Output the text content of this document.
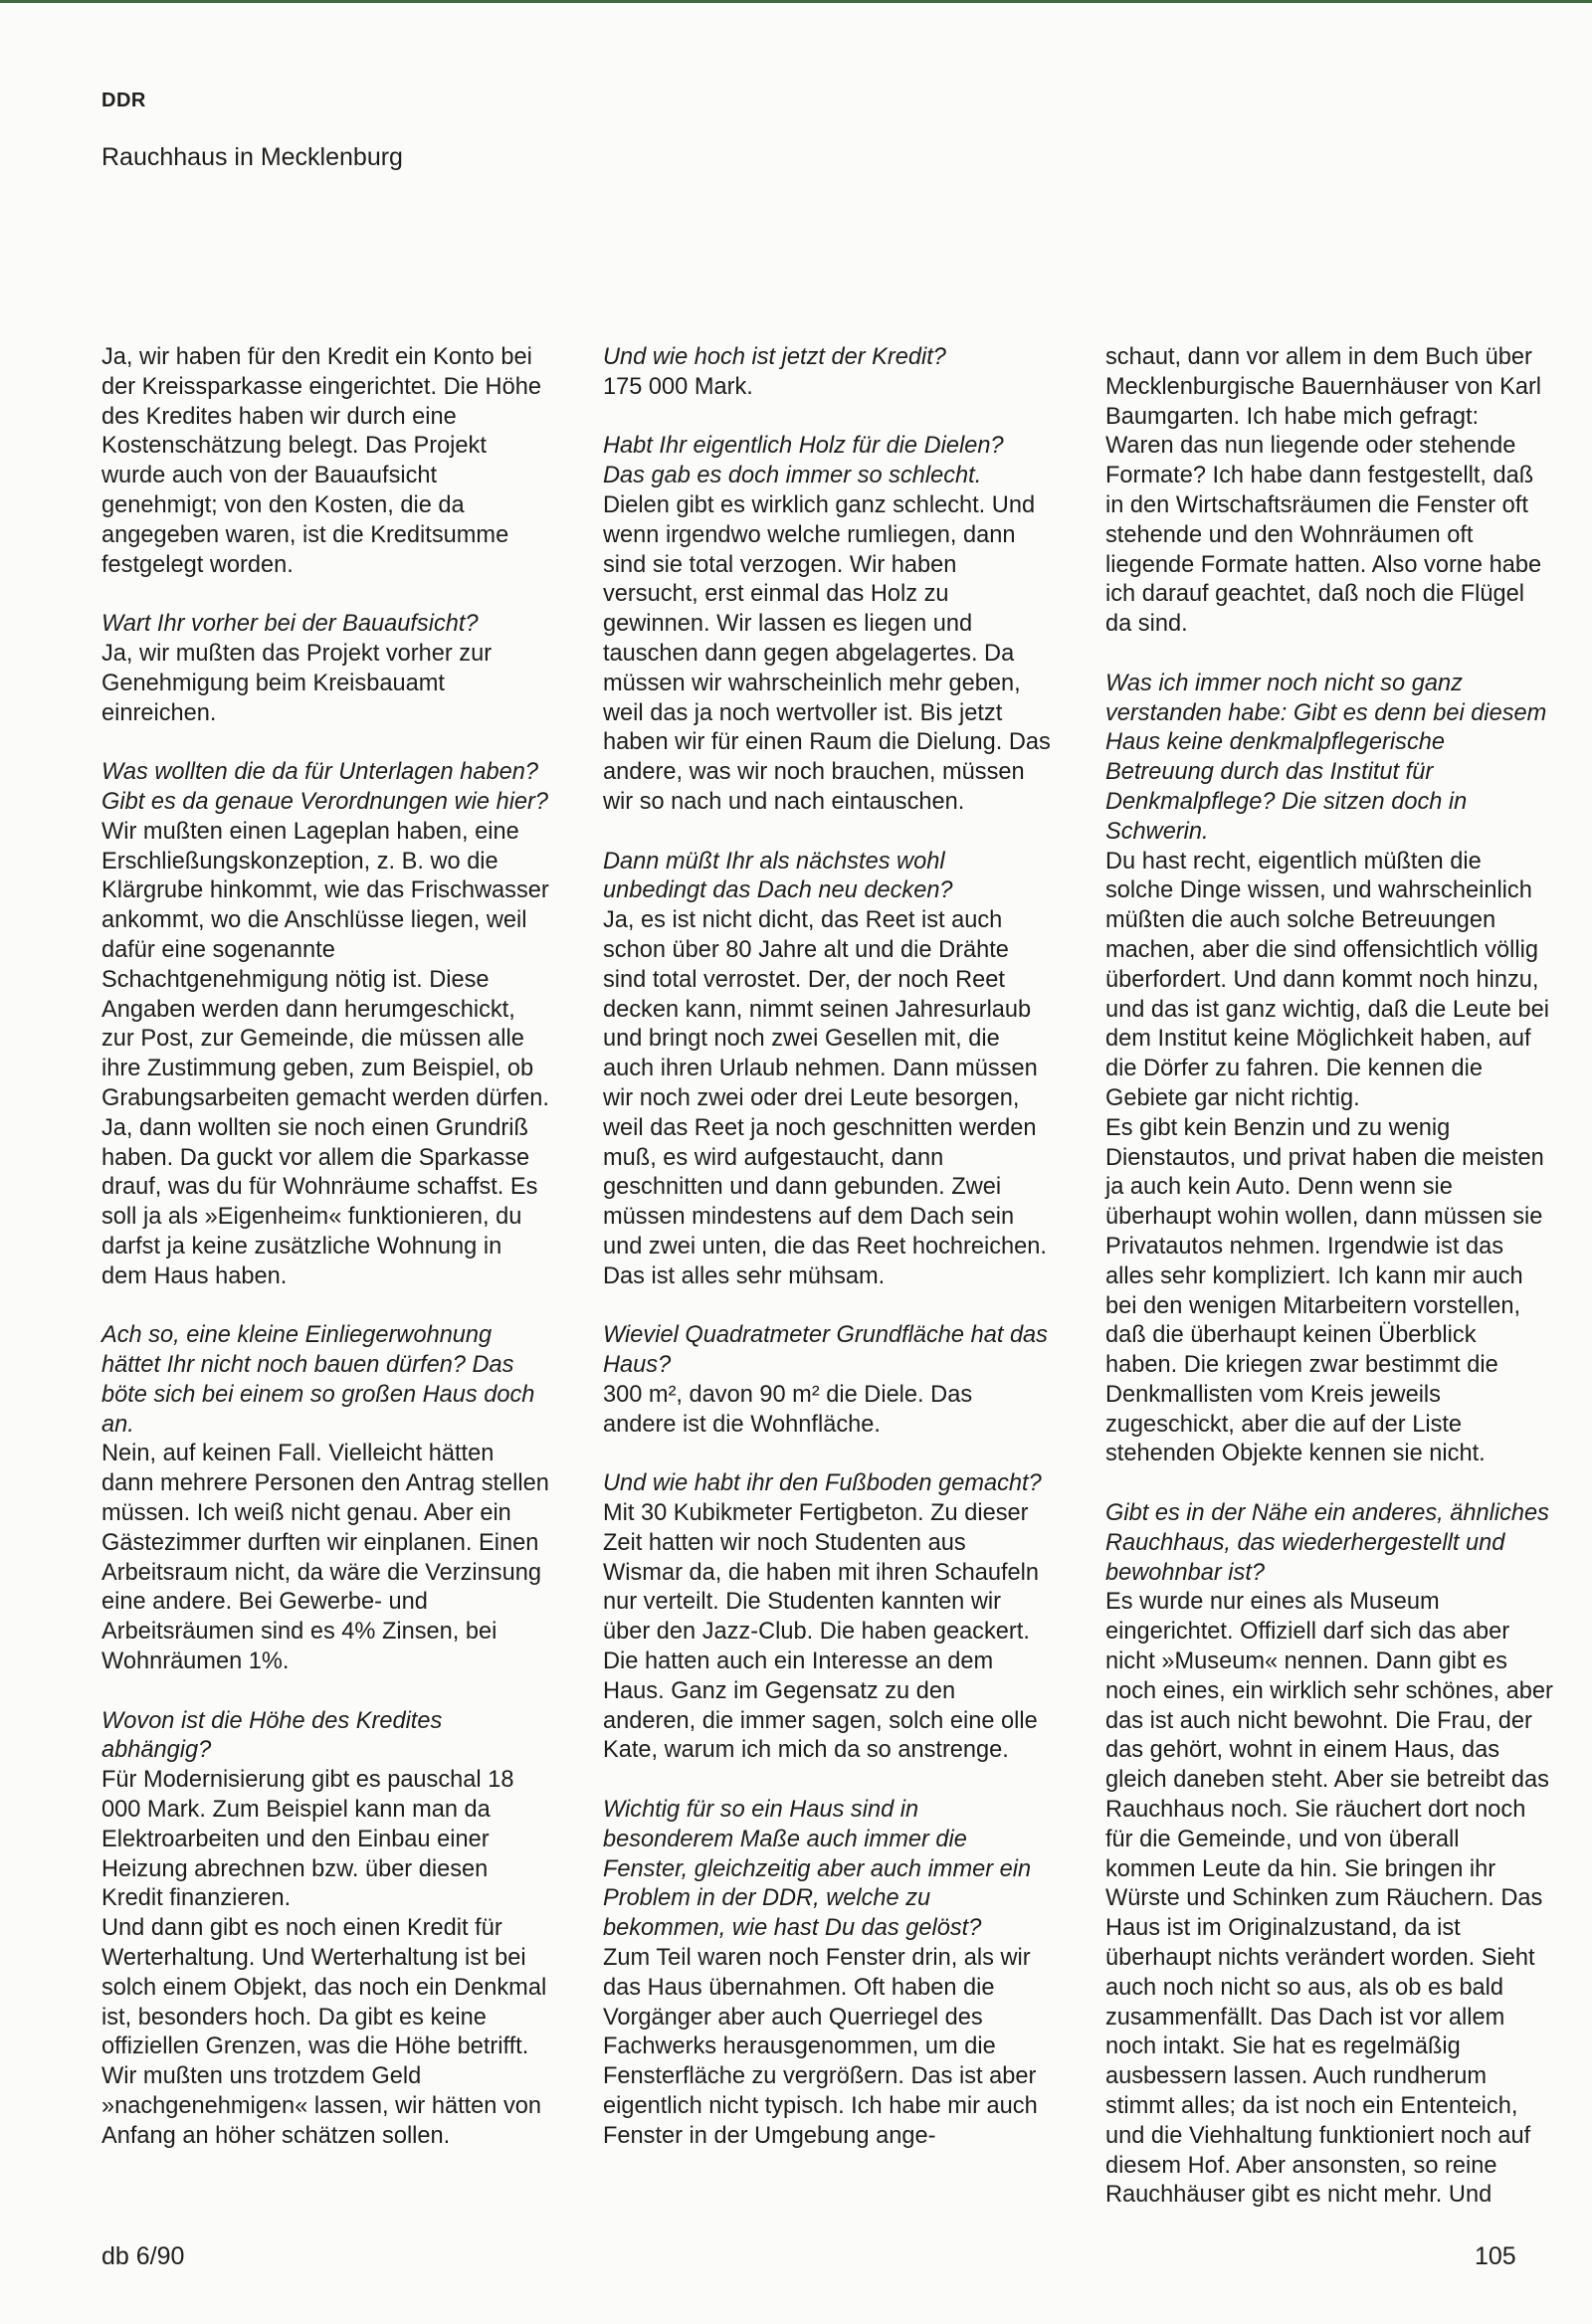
DDR
Rauchhaus in Mecklenburg

Ja, wir haben für den Kredit ein Konto bei der Kreissparkasse eingerichtet. Die Höhe des Kredites haben wir durch eine Kostenschätzung belegt. Das Projekt wurde auch von der Bauaufsicht genehmigt; von den Kosten, die da angegeben waren, ist die Kreditsumme festgelegt worden.

Wart Ihr vorher bei der Bauaufsicht?
Ja, wir mußten das Projekt vorher zur Genehmigung beim Kreisbauamt einreichen.

Was wollten die da für Unterlagen haben? Gibt es da genaue Verordnungen wie hier?
Wir mußten einen Lageplan haben, eine Erschließungskonzeption, z. B. wo die Klärgrube hinkommt, wie das Frischwasser ankommt, wo die Anschlüsse liegen, weil dafür eine sogenannte Schachtgenehmigung nötig ist. Diese Angaben werden dann herumgeschickt, zur Post, zur Gemeinde, die müssen alle ihre Zustimmung geben, zum Beispiel, ob Grabungsarbeiten gemacht werden dürfen. Ja, dann wollten sie noch einen Grundriß haben. Da guckt vor allem die Sparkasse drauf, was du für Wohnräume schaffst. Es soll ja als »Eigenheim« funktionieren, du darfst ja keine zusätzliche Wohnung in dem Haus haben.

Ach so, eine kleine Einliegerwohnung hättet Ihr nicht noch bauen dürfen? Das böte sich bei einem so großen Haus doch an.
Nein, auf keinen Fall. Vielleicht hätten dann mehrere Personen den Antrag stellen müssen. Ich weiß nicht genau. Aber ein Gästezimmer durften wir einplanen. Einen Arbeitsraum nicht, da wäre die Verzinsung eine andere. Bei Gewerbe- und Arbeitsräumen sind es 4% Zinsen, bei Wohnräumen 1%.

Wovon ist die Höhe des Kredites abhängig?
Für Modernisierung gibt es pauschal 18 000 Mark. Zum Beispiel kann man da Elektroarbeiten und den Einbau einer Heizung abrechnen bzw. über diesen Kredit finanzieren.
Und dann gibt es noch einen Kredit für Werterhaltung. Und Werterhaltung ist bei solch einem Objekt, das noch ein Denkmal ist, besonders hoch. Da gibt es keine offiziellen Grenzen, was die Höhe betrifft. Wir mußten uns trotzdem Geld »nachgenehmigen« lassen, wir hätten von Anfang an höher schätzen sollen.

Und wie hoch ist jetzt der Kredit?
175 000 Mark.

Habt Ihr eigentlich Holz für die Dielen? Das gab es doch immer so schlecht.
Dielen gibt es wirklich ganz schlecht. Und wenn irgendwo welche rumliegen, dann sind sie total verzogen. Wir haben versucht, erst einmal das Holz zu gewinnen. Wir lassen es liegen und tauschen dann gegen abgelagertes. Da müssen wir wahrscheinlich mehr geben, weil das ja noch wertvoller ist. Bis jetzt haben wir für einen Raum die Dielung. Das andere, was wir noch brauchen, müssen wir so nach und nach eintauschen.

Dann müßt Ihr als nächstes wohl unbedingt das Dach neu decken?
Ja, es ist nicht dicht, das Reet ist auch schon über 80 Jahre alt und die Drähte sind total verrostet. Der, der noch Reet decken kann, nimmt seinen Jahresurlaub und bringt noch zwei Gesellen mit, die auch ihren Urlaub nehmen. Dann müssen wir noch zwei oder drei Leute besorgen, weil das Reet ja noch geschnitten werden muß, es wird aufgestaucht, dann geschnitten und dann gebunden. Zwei müssen mindestens auf dem Dach sein und zwei unten, die das Reet hochreichen. Das ist alles sehr mühsam.

Wieviel Quadratmeter Grundfläche hat das Haus?
300 m², davon 90 m² die Diele. Das andere ist die Wohnfläche.

Und wie habt ihr den Fußboden gemacht?
Mit 30 Kubikmeter Fertigbeton. Zu dieser Zeit hatten wir noch Studenten aus Wismar da, die haben mit ihren Schaufeln nur verteilt. Die Studenten kannten wir über den Jazz-Club. Die haben geackert. Die hatten auch ein Interesse an dem Haus. Ganz im Gegensatz zu den anderen, die immer sagen, solch eine olle Kate, warum ich mich da so anstrenge.

Wichtig für so ein Haus sind in besonderem Maße auch immer die Fenster, gleichzeitig aber auch immer ein Problem in der DDR, welche zu bekommen, wie hast Du das gelöst?
Zum Teil waren noch Fenster drin, als wir das Haus übernahmen. Oft haben die Vorgänger aber auch Querriegel des Fachwerks herausgenommen, um die Fensterfläche zu vergrößern. Das ist aber eigentlich nicht typisch. Ich habe mir auch Fenster in der Umgebung ange-

schaut, dann vor allem in dem Buch über Mecklenburgische Bauernhäuser von Karl Baumgarten. Ich habe mich gefragt: Waren das nun liegende oder stehende Formate? Ich habe dann festgestellt, daß in den Wirtschaftsräumen die Fenster oft stehende und den Wohnräumen oft liegende Formate hatten. Also vorne habe ich darauf geachtet, daß noch die Flügel da sind.

Was ich immer noch nicht so ganz verstanden habe: Gibt es denn bei diesem Haus keine denkmalpflegerische Betreuung durch das Institut für Denkmalpflege? Die sitzen doch in Schwerin.
Du hast recht, eigentlich müßten die solche Dinge wissen, und wahrscheinlich müßten die auch solche Betreuungen machen, aber die sind offensichtlich völlig überfordert. Und dann kommt noch hinzu, und das ist ganz wichtig, daß die Leute bei dem Institut keine Möglichkeit haben, auf die Dörfer zu fahren. Die kennen die Gebiete gar nicht richtig.
Es gibt kein Benzin und zu wenig Dienstautos, und privat haben die meisten ja auch kein Auto. Denn wenn sie überhaupt wohin wollen, dann müssen sie Privatautos nehmen. Irgendwie ist das alles sehr kompliziert. Ich kann mir auch bei den wenigen Mitarbeitern vorstellen, daß die überhaupt keinen Überblick haben. Die kriegen zwar bestimmt die Denkmallisten vom Kreis jeweils zugeschickt, aber die auf der Liste stehenden Objekte kennen sie nicht.

Gibt es in der Nähe ein anderes, ähnliches Rauchhaus, das wiederhergestellt und bewohnbar ist?
Es wurde nur eines als Museum eingerichtet. Offiziell darf sich das aber nicht »Museum« nennen. Dann gibt es noch eines, ein wirklich sehr schönes, aber das ist auch nicht bewohnt. Die Frau, der das gehört, wohnt in einem Haus, das gleich daneben steht. Aber sie betreibt das Rauchhaus noch. Sie räuchert dort noch für die Gemeinde, und von überall kommen Leute da hin. Sie bringen ihr Würste und Schinken zum Räuchern. Das Haus ist im Originalzustand, da ist überhaupt nichts verändert worden. Sieht auch noch nicht so aus, als ob es bald zusammenfällt. Das Dach ist vor allem noch intakt. Sie hat es regelmäßig ausbessern lassen. Auch rundherum stimmt alles; da ist noch ein Ententeich, und die Viehhaltung funktioniert noch auf diesem Hof. Aber ansonsten, so reine Rauchhäuser gibt es nicht mehr. Und

db 6/90	105
